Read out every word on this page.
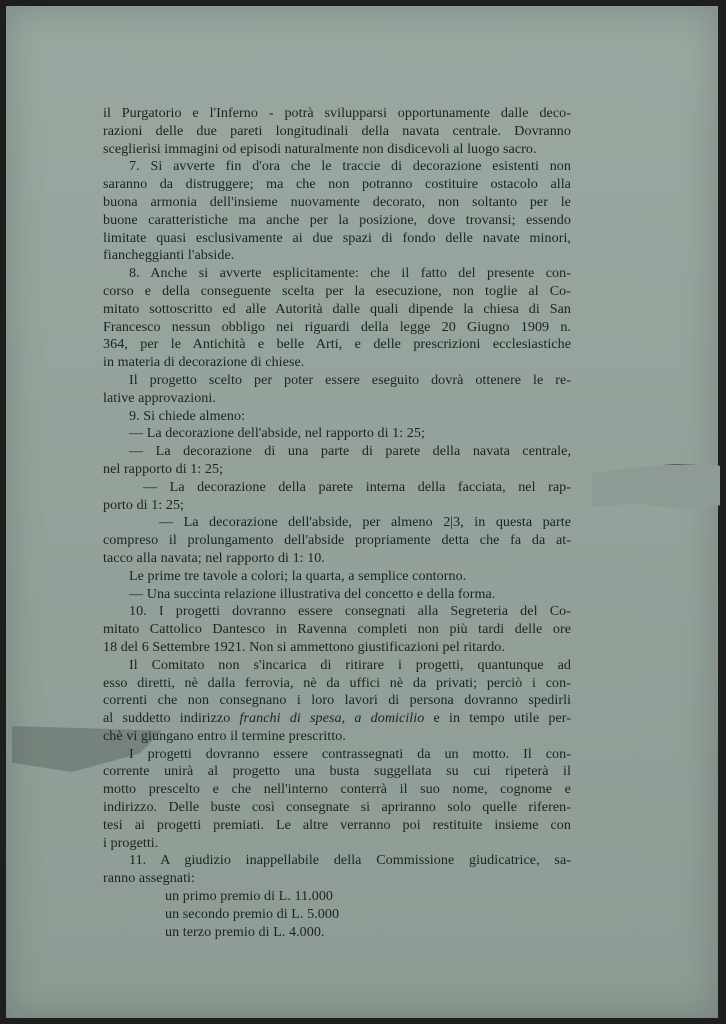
il Purgatorio e l'Inferno - potrà svilupparsi opportunamente dalle deco-
razioni delle due pareti longitudinali della navata centrale. Dovranno
sceglierìsi immagini od episodi naturalmente non disdicevoli al luogo sacro.

7. Si avverte fin d'ora che le traccie di decorazione esistenti non
saranno da distruggere; ma che non potranno costituire ostacolo alla
buona armonia dell'insieme nuovamente decorato, non soltanto per le
buone caratteristiche ma anche per la posizione, dove trovansi; essendo
limitate quasi esclusivamente ai due spazi di fondo delle navate minori,
fiancheggianti l'abside.

8. Anche si avverte esplicitamente: che il fatto del presente con-
corso e della conseguente scelta per la esecuzione, non toglie al Co-
mitato sottoscritto ed alle Autorità dalle quali dipende la chiesa di San
Francesco nessun obbligo nei riguardi della legge 20 Giugno 1909 n.
364, per le Antichità e belle Arti, e delle prescrizioni ecclesiastiche
in materia di decorazione di chiese.

Il progetto scelto per poter essere eseguito dovrà ottenere le re-
lative approvazioni.

9. Si chiede almeno:

— La decorazione dell'abside, nel rapporto di 1: 25;

— La decorazione di una parte di parete della navata centrale,
nel rapporto di 1: 25;

— La decorazione della parete interna della facciata, nel rap-
porto di 1: 25;

— La decorazione dell'abside, per almeno 2|3, in questa parte
compreso il prolungamento dell'abside propriamente detta che fa da at-
tacco alla navata; nel rapporto di 1: 10.

Le prime tre tavole a colori; la quarta, a semplice contorno.

— Una succinta relazione illustrativa del concetto e della forma.

10. I progetti dovranno essere consegnati alla Segreteria del Co-
mitato Cattolico Dantesco in Ravenna completi non più tardi delle ore
18 del 6 Settembre 1921. Non si ammettono giustificazioni pel ritardo.

Il Comitato non s'incarica di ritirare i progetti, quantunque ad
esso diretti, nè dalla ferrovia, nè da uffici nè da privati; perciò i con-
correnti che non consegnano i loro lavori di persona dovranno spedirli

al suddetto indirizzo franchi di spesa, a domicilio e in tempo utile per-
chè vi giungano entro il termine prescritto.

I progetti dovranno essere contrassegnati da un motto. Il con-
corrente unirà al progetto una busta suggellata su cui ripeterà il
motto prescelto e che nell'interno conterrà il suo nome, cognome e
indirizzo. Delle buste così consegnate si apriranno solo quelle riferen-
tesi ai progetti premiati. Le altre verranno poi restituite insieme con
i progetti.

11. A giudizio inappellabile della Commissione giudicatrice, sa-
ranno assegnati:

un primo premio di L. 11.000
un secondo premio di L. 5.000
un terzo premio di L. 4.000.
